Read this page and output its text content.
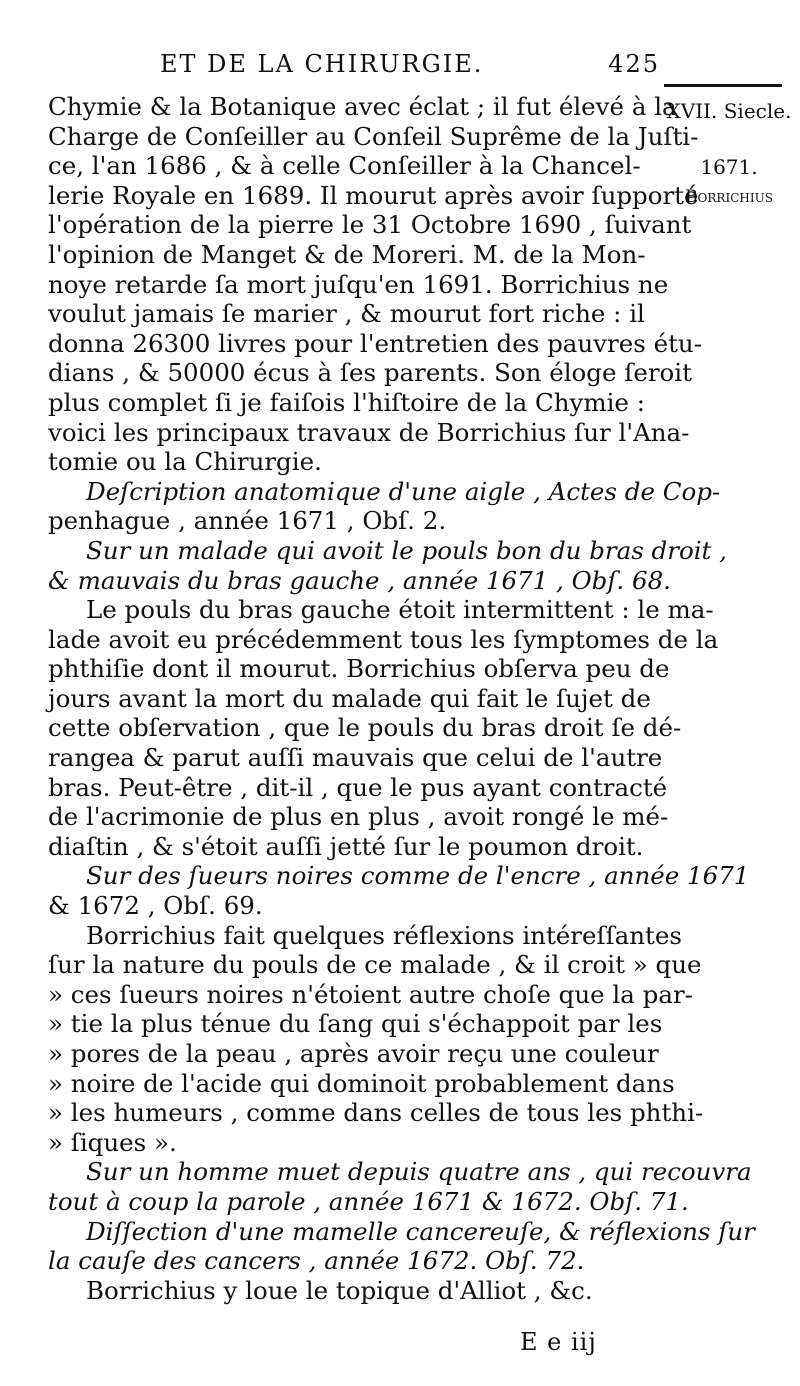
ET DE LA CHIRURGIE.	425
XVII. Siecle.
1671.
Borrichius
Chymie & la Botanique avec éclat ; il fut élevé à la
Charge de Conſeiller au Conſeil Suprême de la Juſti-
ce, l'an 1686 , & à celle Conſeiller à la Chancel-
lerie Royale en 1689. Il mourut après avoir ſupporté
l'opération de la pierre le 31 Octobre 1690 , ſuivant
l'opinion de Manget & de Moreri. M. de la Mon-
noye retarde ſa mort juſqu'en 1691. Borrichius ne
voulut jamais ſe marier , & mourut fort riche : il
donna 26300 livres pour l'entretien des pauvres étu-
dians , & 50000 écus à ſes parents. Son éloge ſeroit
plus complet ſi je faiſois l'hiſtoire de la Chymie :
voici les principaux travaux de Borrichius ſur l'Ana-
tomie ou la Chirurgie.
Deſcription anatomique d'une aigle , Actes de Cop-
penhague , année 1671 , Obſ. 2.
Sur un malade qui avoit le pouls bon du bras droit ,
& mauvais du bras gauche , année 1671 , Obſ. 68.
Le pouls du bras gauche étoit intermittent : le ma-
lade avoit eu précédemment tous les ſymptomes de la
phthiſie dont il mourut. Borrichius obſerva peu de
jours avant la mort du malade qui fait le ſujet de
cette obſervation , que le pouls du bras droit ſe dé-
rangea & parut auſſi mauvais que celui de l'autre
bras. Peut-être , dit-il , que le pus ayant contracté
de l'acrimonie de plus en plus , avoit rongé le mé-
diaſtin , & s'étoit auſſi jetté ſur le poumon droit.
Sur des ſueurs noires comme de l'encre , année 1671
& 1672 , Obſ. 69.
Borrichius fait quelques réflexions intéreſſantes
ſur la nature du pouls de ce malade , & il croit » que
» ces ſueurs noires n'étoient autre choſe que la par-
» tie la plus ténue du ſang qui s'échappoit par les
» pores de la peau , après avoir reçu une couleur
» noire de l'acide qui dominoit probablement dans
» les humeurs , comme dans celles de tous les phthi-
» ſiques ».
Sur un homme muet depuis quatre ans , qui recouvra
tout à coup la parole , année 1671 & 1672. Obſ. 71.
Diſſection d'une mamelle cancereuſe, & réflexions ſur
la cauſe des cancers , année 1672. Obſ. 72.
Borrichius y loue le topique d'Alliot , &c.
E e iij
